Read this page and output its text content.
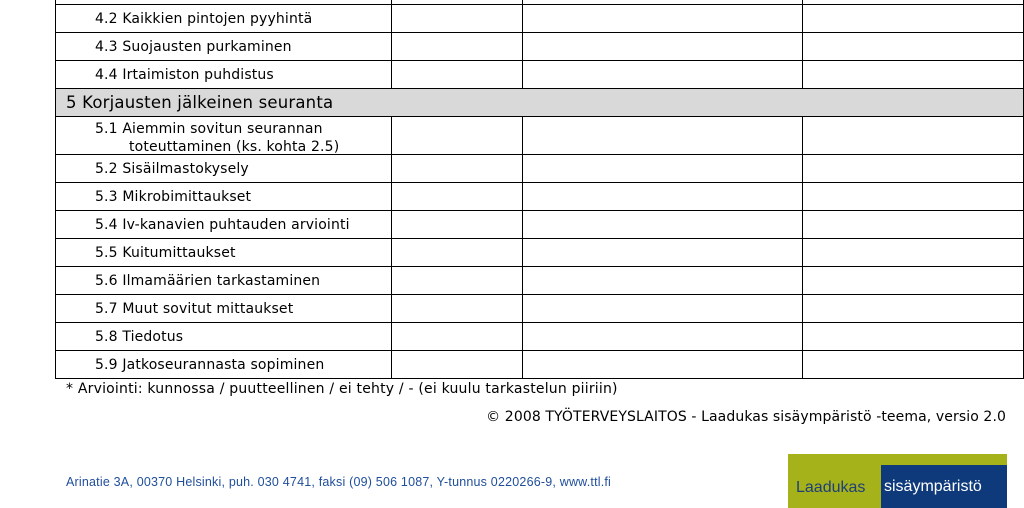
4.2 Kaikkien pintojen pyyhintä
4.3 Suojausten purkaminen
4.4 Irtaimiston puhdistus
5 Korjausten jälkeinen seuranta
5.1 Aiemmin sovitun seurannan
toteuttaminen (ks. kohta 2.5)
5.2 Sisäilmastokysely
5.3 Mikrobimittaukset
5.4 Iv-kanavien puhtauden arviointi
5.5 Kuitumittaukset
5.6 Ilmamäärien tarkastaminen
5.7 Muut sovitut mittaukset
5.8 Tiedotus
5.9 Jatkoseurannasta sopiminen
* Arviointi: kunnossa / puutteellinen / ei tehty / - (ei kuulu tarkastelun piiriin)
© 2008 TYÖTERVEYSLAITOS - Laadukas sisäympäristö -teema, versio 2.0
Arinatie 3A, 00370 Helsinki, puh. 030 4741, faksi (09) 506 1087, Y-tunnus 0220266-9, www.ttl.fi	Laadukas sisäympäristö
